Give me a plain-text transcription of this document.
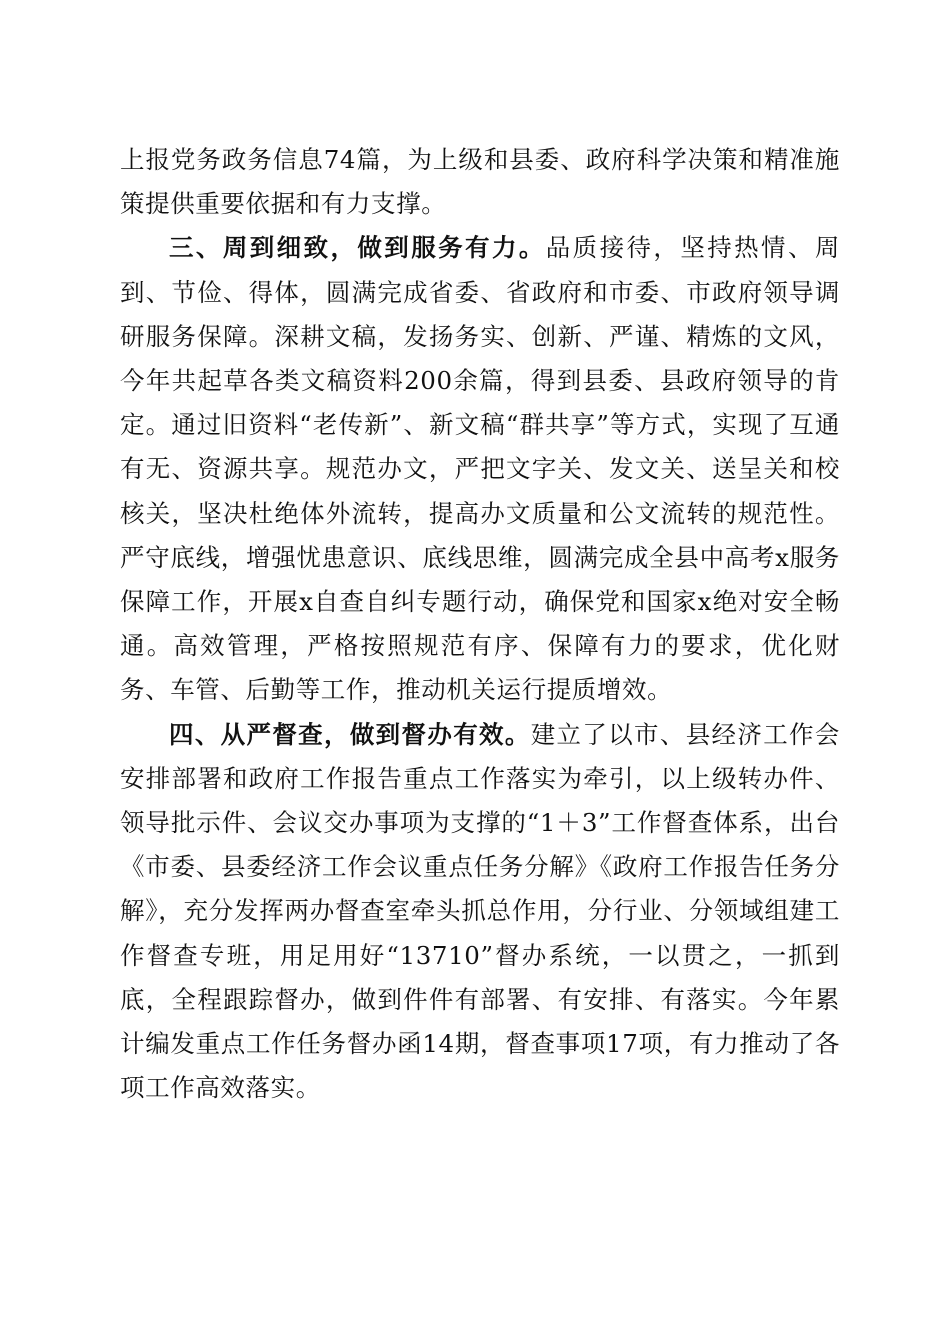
上报党务政务信息74篇，为上级和县委、政府科学决策和精准施策提供重要依据和有力支撑。

三、周到细致，做到服务有力。品质接待，坚持热情、周到、节俭、得体，圆满完成省委、省政府和市委、市政府领导调研服务保障。深耕文稿，发扬务实、创新、严谨、精炼的文风，今年共起草各类文稿资料200余篇，得到县委、县政府领导的肯定。通过旧资料“老传新”、新文稿“群共享”等方式，实现了互通有无、资源共享。规范办文，严把文字关、发文关、送呈关和校核关，坚决杜绝体外流转，提高办文质量和公文流转的规范性。严守底线，增强忧患意识、底线思维，圆满完成全县中高考x服务保障工作，开展x自查自纠专题行动，确保党和国家x绝对安全畅通。高效管理，严格按照规范有序、保障有力的要求，优化财务、车管、后勤等工作，推动机关运行提质增效。

四、从严督查，做到督办有效。建立了以市、县经济工作会安排部署和政府工作报告重点工作落实为牵引，以上级转办件、领导批示件、会议交办事项为支撑的“1＋3”工作督查体系，出台《市委、县委经济工作会议重点任务分解》《政府工作报告任务分解》，充分发挥两办督查室牵头抓总作用，分行业、分领域组建工作督查专班，用足用好“13710”督办系统，一以贯之，一抓到底，全程跟踪督办，做到件件有部署、有安排、有落实。今年累计编发重点工作任务督办函14期，督查事项17项，有力推动了各项工作高效落实。
